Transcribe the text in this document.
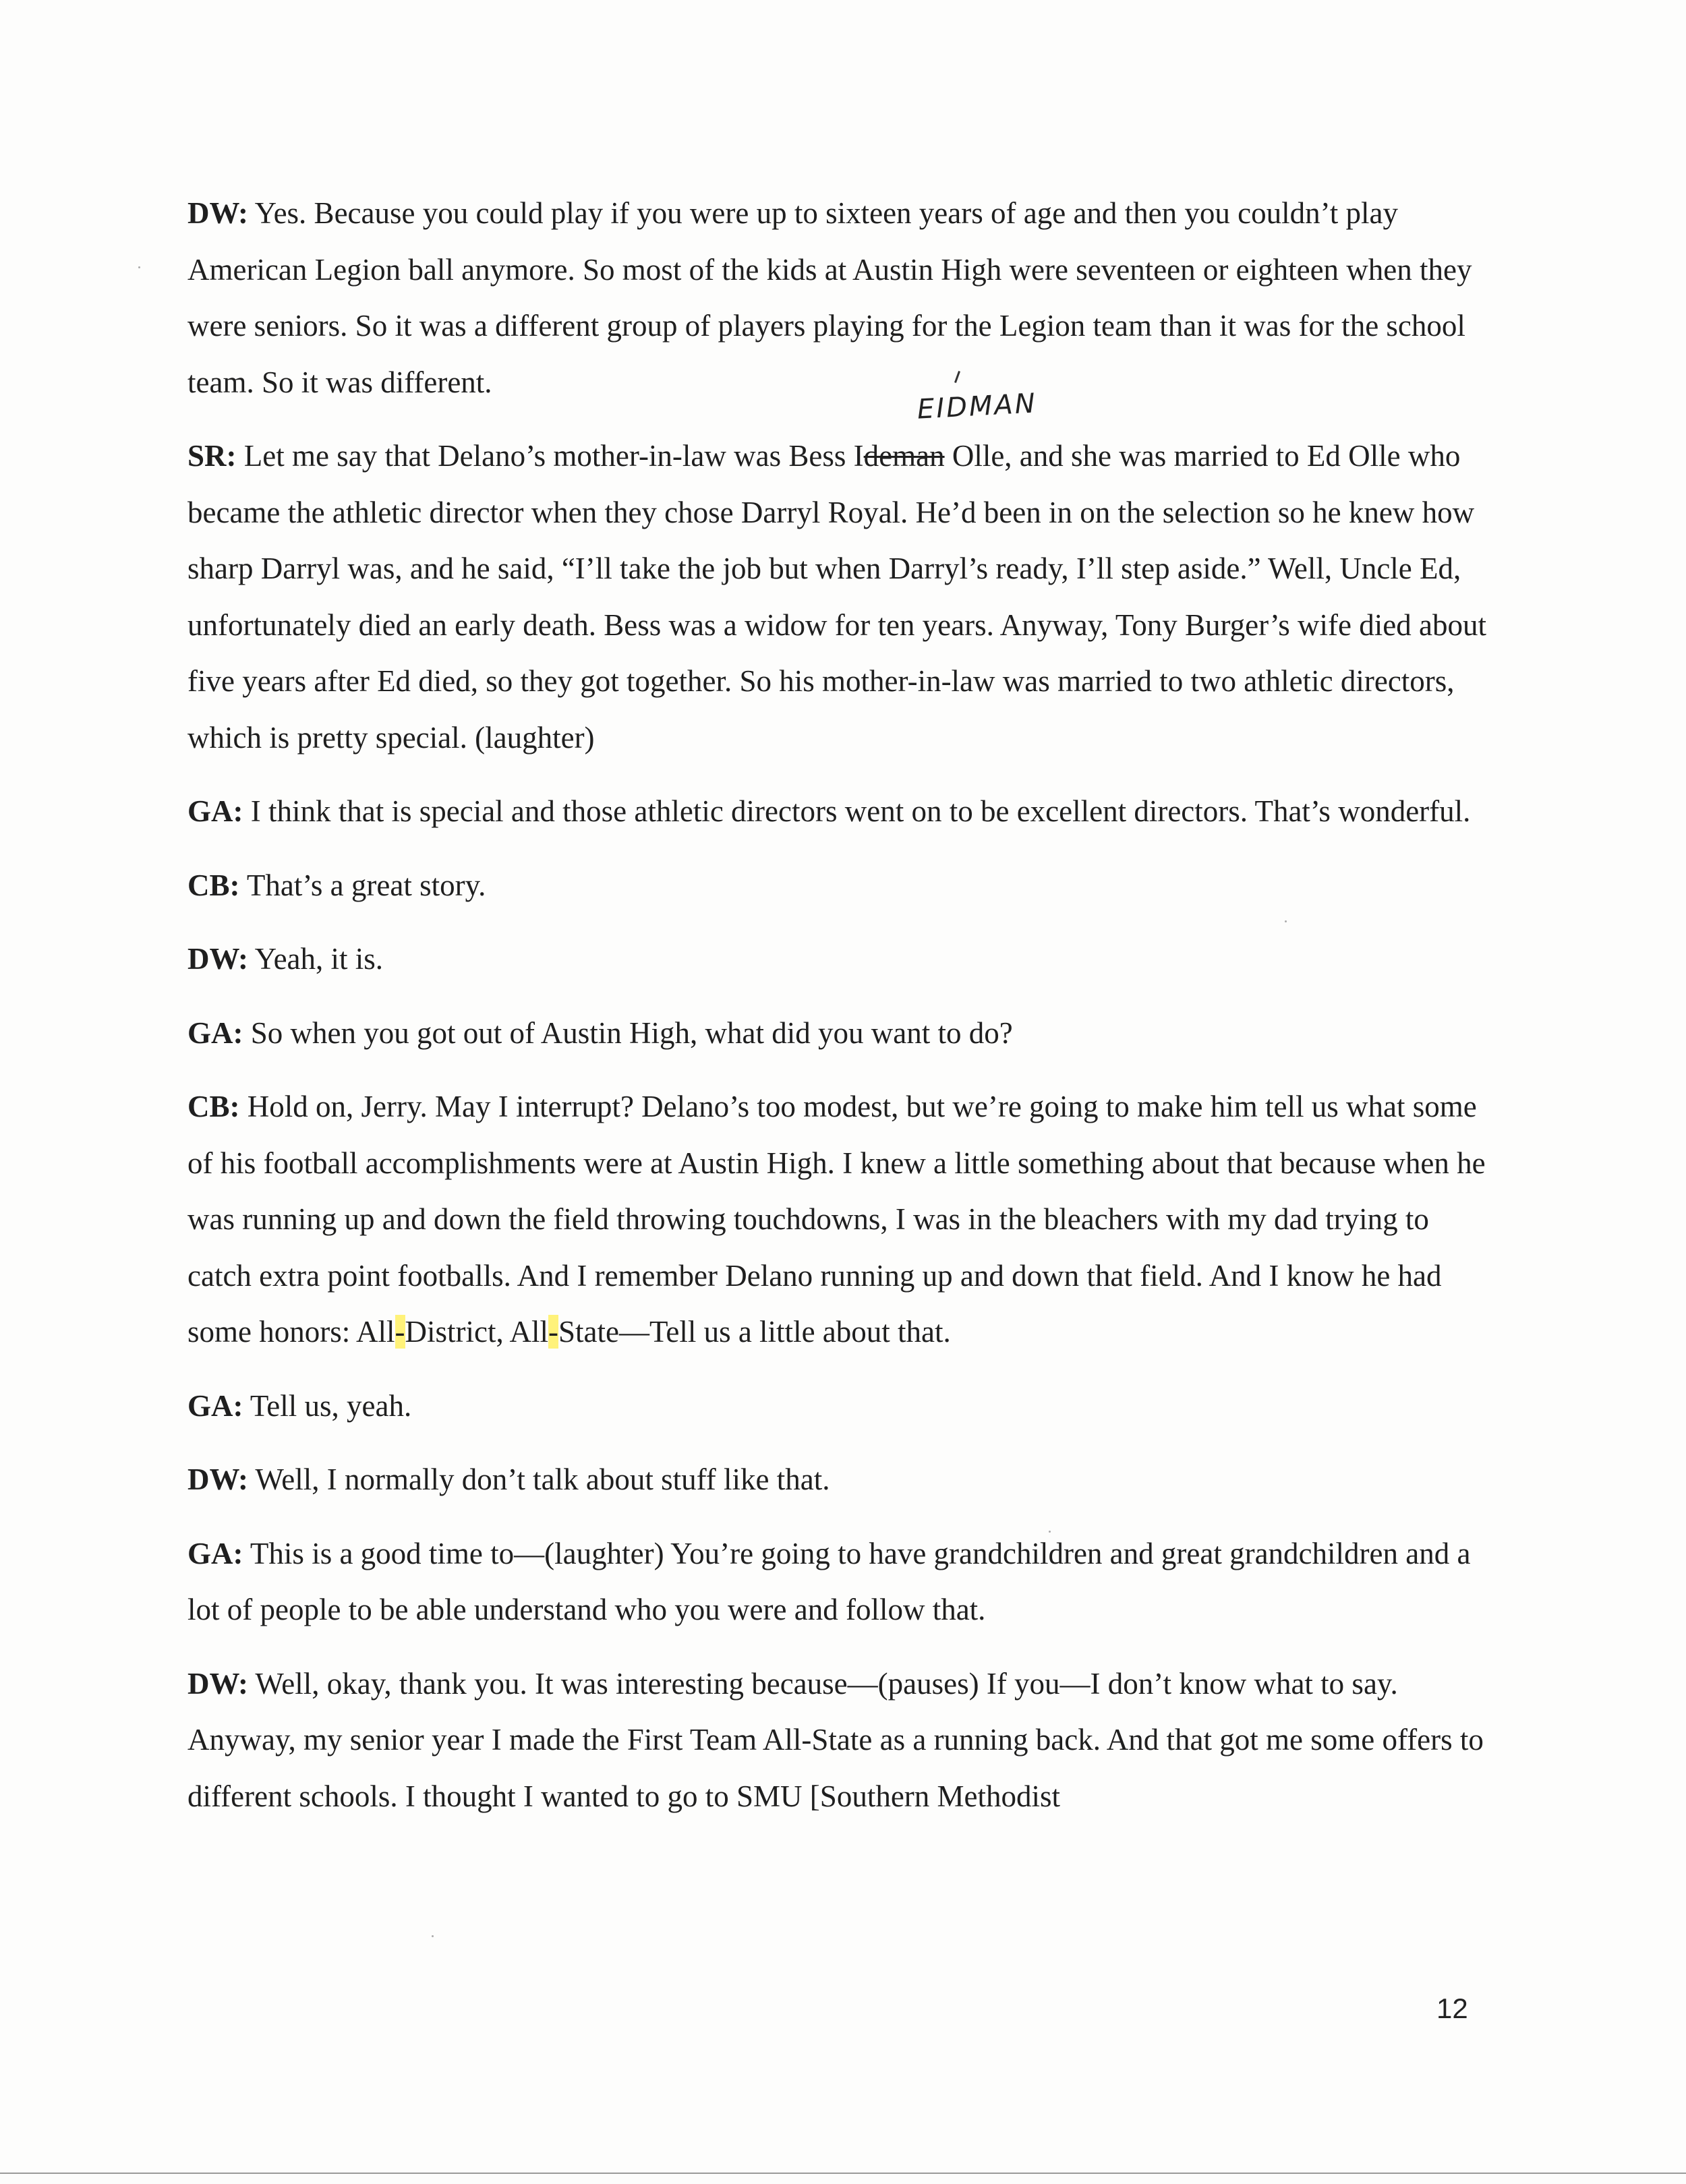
DW: Yes. Because you could play if you were up to sixteen years of age and then you couldn’t play American Legion ball anymore. So most of the kids at Austin High were seventeen or eighteen when they were seniors. So it was a different group of players playing for the Legion team than it was for the school team. So it was different.

SR: Let me say that Delano’s mother-in-law was Bess Ideman Olle, and she was married to Ed Olle who became the athletic director when they chose Darryl Royal. He’d been in on the selection so he knew how sharp Darryl was, and he said, “I’ll take the job but when Darryl’s ready, I’ll step aside.” Well, Uncle Ed, unfortunately died an early death. Bess was a widow for ten years. Anyway, Tony Burger’s wife died about five years after Ed died, so they got together. So his mother-in-law was married to two athletic directors, which is pretty special. (laughter)

GA: I think that is special and those athletic directors went on to be excellent directors. That’s wonderful.

CB: That’s a great story.

DW: Yeah, it is.

GA: So when you got out of Austin High, what did you want to do?

CB: Hold on, Jerry. May I interrupt? Delano’s too modest, but we’re going to make him tell us what some of his football accomplishments were at Austin High. I knew a little something about that because when he was running up and down the field throwing touchdowns, I was in the bleachers with my dad trying to catch extra point footballs. And I remember Delano running up and down that field. And I know he had some honors: All-District, All-State—Tell us a little about that.

GA: Tell us, yeah.

DW: Well, I normally don’t talk about stuff like that.

GA: This is a good time to—(laughter) You’re going to have grandchildren and great grandchildren and a lot of people to be able understand who you were and follow that.

DW: Well, okay, thank you. It was interesting because—(pauses) If you—I don’t know what to say. Anyway, my senior year I made the First Team All-State as a running back. And that got me some offers to different schools. I thought I wanted to go to SMU [Southern Methodist

EIDMAN
12
